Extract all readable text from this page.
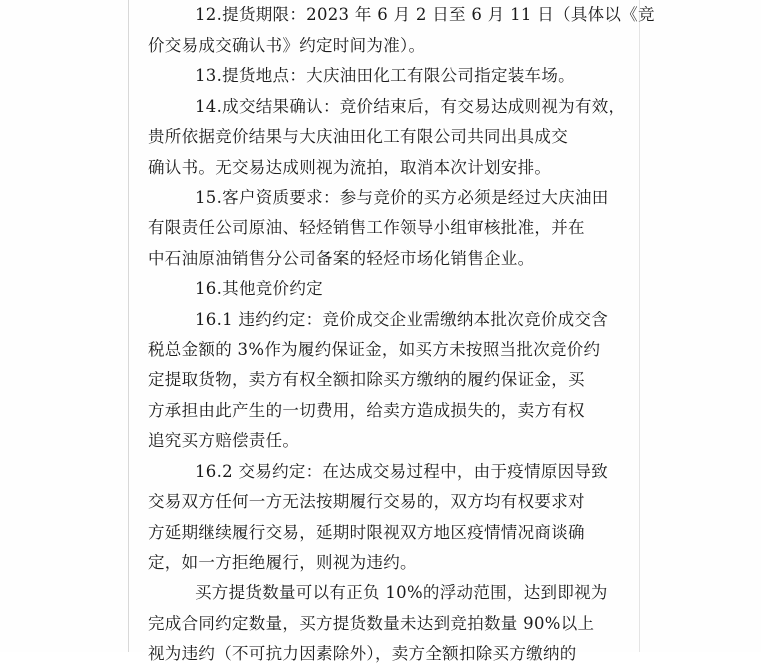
12.提货期限：2023 年 6 月 2 日至 6 月 11 日（具体以《竞
价交易成交确认书》约定时间为准）。
13.提货地点：大庆油田化工有限公司指定装车场。
14.成交结果确认：竞价结束后，有交易达成则视为有效，
贵所依据竞价结果与大庆油田化工有限公司共同出具成交
确认书。无交易达成则视为流拍，取消本次计划安排。
15.客户资质要求：参与竞价的买方必须是经过大庆油田
有限责任公司原油、轻烃销售工作领导小组审核批准，并在
中石油原油销售分公司备案的轻烃市场化销售企业。
16.其他竞价约定
16.1 违约约定：竞价成交企业需缴纳本批次竞价成交含
税总金额的 3%作为履约保证金，如买方未按照当批次竞价约
定提取货物，卖方有权全额扣除买方缴纳的履约保证金，买
方承担由此产生的一切费用，给卖方造成损失的，卖方有权
追究买方赔偿责任。
16.2 交易约定：在达成交易过程中，由于疫情原因导致
交易双方任何一方无法按期履行交易的，双方均有权要求对
方延期继续履行交易，延期时限视双方地区疫情情况商谈确
定，如一方拒绝履行，则视为违约。
买方提货数量可以有正负 10%的浮动范围，达到即视为
完成合同约定数量，买方提货数量未达到竞拍数量 90%以上
视为违约（不可抗力因素除外），卖方全额扣除买方缴纳的
